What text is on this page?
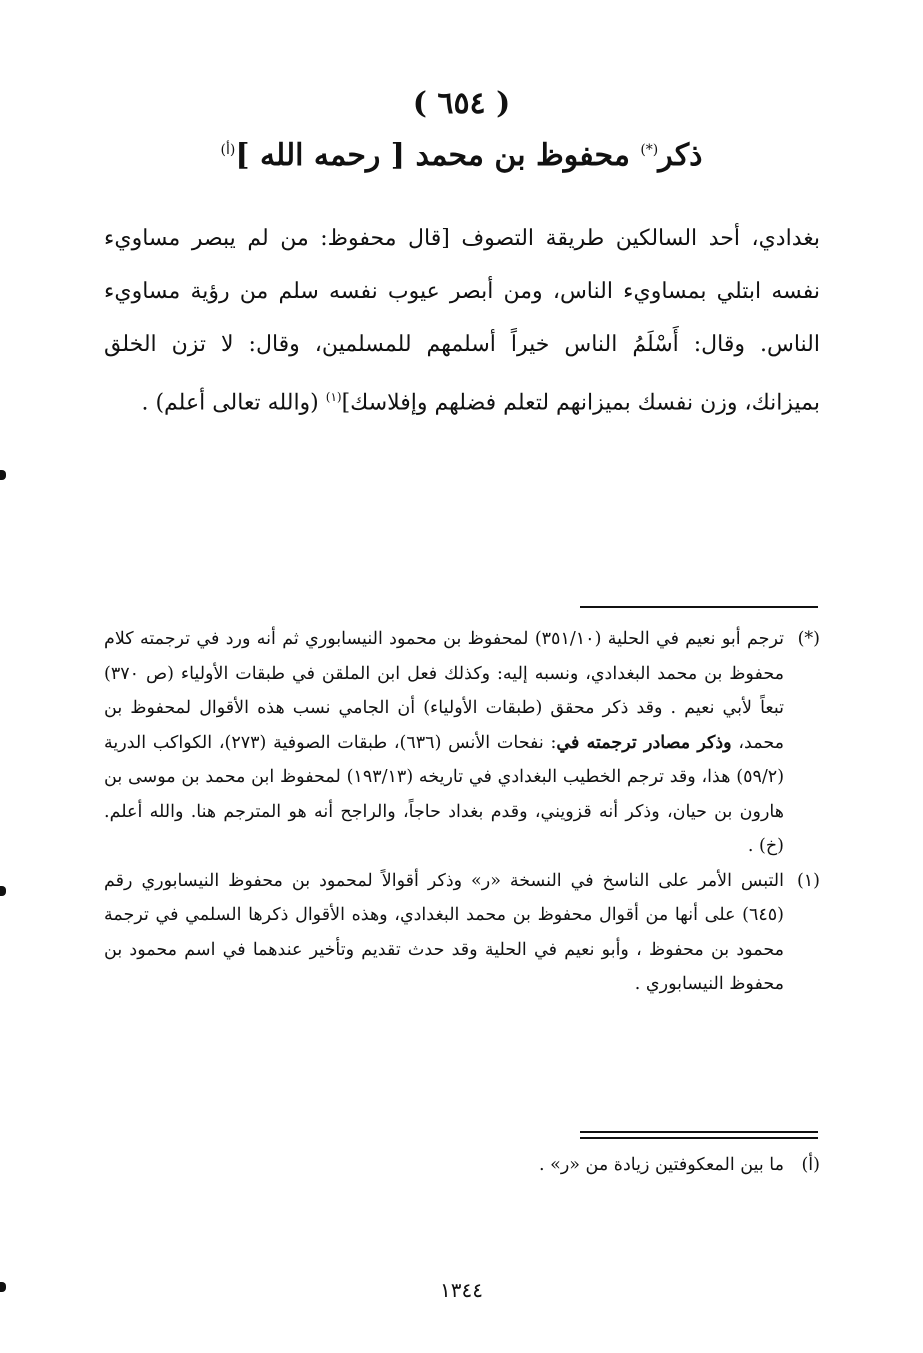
( ٦٥٤ )
ذكر(*) محفوظ بن محمد [ رحمه الله ]$^{(أ)}$
بغدادي، أحد السالكين طريقة التصوف [قال محفوظ: من لم يبصر مساويء نفسه ابتلي بمساويء الناس، ومن أبصر عيوب نفسه سلم من رؤية مساويء الناس. وقال: أَسْلَمُ الناس خيراً أسلمهم للمسلمين، وقال: لا تزن الخلق بميزانك، وزن نفسك بميزانهم لتعلم فضلهم وإفلاسك]$^{(١)}$ (والله تعالى أعلم) .
(*)
ترجم أبو نعيم في الحلية (٣٥١/١٠) لمحفوظ بن محمود النيسابوري ثم أنه ورد في ترجمته كلام محفوظ بن محمد البغدادي، ونسبه إليه: وكذلك فعل ابن الملقن في طبقات الأولياء (ص ٣٧٠) تبعاً لأبي نعيم . وقد ذكر محقق (طبقات الأولياء) أن الجامي نسب هذه الأقوال لمحفوظ بن محمد، وذكر مصادر ترجمته في: نفحات الأنس (٦٣٦)، طبقات الصوفية (٢٧٣)، الكواكب الدرية (٥٩/٢) هذا، وقد ترجم الخطيب البغدادي في تاريخه (١٩٣/١٣) لمحفوظ ابن محمد بن موسى بن هارون بن حيان، وذكر أنه قزويني، وقدم بغداد حاجاً، والراجح أنه هو المترجم هنا. والله أعلم. (خ) .
(١)
التبس الأمر على الناسخ في النسخة «ر» وذكر أقوالاً لمحمود بن محفوظ النيسابوري رقم (٦٤٥) على أنها من أقوال محفوظ بن محمد البغدادي، وهذه الأقوال ذكرها السلمي في ترجمة محمود بن محفوظ ، وأبو نعيم في الحلية وقد حدث تقديم وتأخير عندهما في اسم محمود بن محفوظ النيسابوري .
(أ)
ما بين المعكوفتين زيادة من «ر» .
١٣٤٤
